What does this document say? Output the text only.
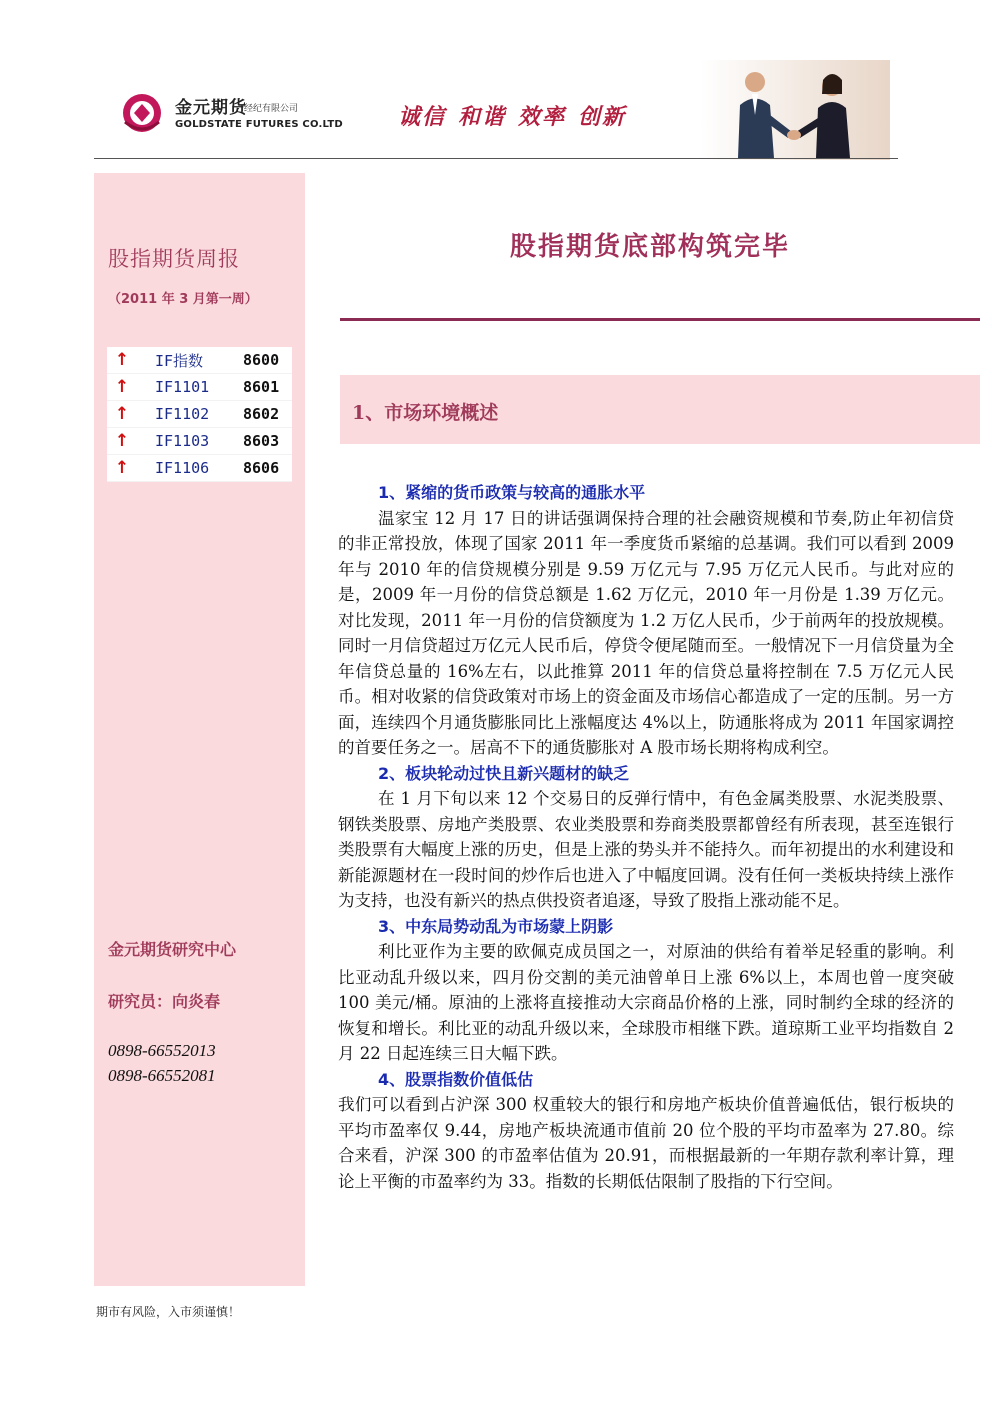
金元期货
经纪有限公司
GOLDSTATE FUTURES CO.LTD	诚信 和谐 效率 创新
股指期货周报
（2011 年 3 月第一周）
↑	IF指数	8600
↑	IF1101	8601
↑	IF1102	8602
↑	IF1103	8603
↑	IF1106	8606
金元期货研究中心
研究员：向炎春
0898-66552013
0898-66552081
期市有风险，入市须谨慎！
股指期货底部构筑完毕
1、市场环境概述
1、紧缩的货币政策与较高的通胀水平

温家宝 12 月 17 日的讲话强调保持合理的社会融资规模和节奏,防止年初信贷的非正常投放，体现了国家 2011 年一季度货币紧缩的总基调。我们可以看到 2009 年与 2010 年的信贷规模分别是 9.59 万亿元与 7.95 万亿元人民币。与此对应的是，2009 年一月份的信贷总额是 1.62 万亿元，2010 年一月份是 1.39 万亿元。对比发现，2011 年一月份的信贷额度为 1.2 万亿人民币，少于前两年的投放规模。同时一月信贷超过万亿元人民币后，停贷令便尾随而至。一般情况下一月信贷量为全年信贷总量的 16%左右，以此推算 2011 年的信贷总量将控制在 7.5 万亿元人民币。相对收紧的信贷政策对市场上的资金面及市场信心都造成了一定的压制。另一方面，连续四个月通货膨胀同比上涨幅度达 4%以上，防通胀将成为 2011 年国家调控的首要任务之一。居高不下的通货膨胀对 A 股市场长期将构成利空。

2、板块轮动过快且新兴题材的缺乏

在 1 月下旬以来 12 个交易日的反弹行情中，有色金属类股票、水泥类股票、钢铁类股票、房地产类股票、农业类股票和券商类股票都曾经有所表现，甚至连银行类股票有大幅度上涨的历史，但是上涨的势头并不能持久。而年初提出的水利建设和新能源题材在一段时间的炒作后也进入了中幅度回调。没有任何一类板块持续上涨作为支持，也没有新兴的热点供投资者追逐，导致了股指上涨动能不足。

3、中东局势动乱为市场蒙上阴影

利比亚作为主要的欧佩克成员国之一，对原油的供给有着举足轻重的影响。利比亚动乱升级以来，四月份交割的美元油曾单日上涨 6%以上，本周也曾一度突破 100 美元/桶。原油的上涨将直接推动大宗商品价格的上涨，同时制约全球的经济的恢复和增长。利比亚的动乱升级以来，全球股市相继下跌。道琼斯工业平均指数自 2 月 22 日起连续三日大幅下跌。

4、股票指数价值低估

我们可以看到占沪深 300 权重较大的银行和房地产板块价值普遍低估，银行板块的平均市盈率仅 9.44，房地产板块流通市值前 20 位个股的平均市盈率为 27.80。综合来看，沪深 300 的市盈率估值为 20.91，而根据最新的一年期存款利率计算，理论上平衡的市盈率约为 33。指数的长期低估限制了股指的下行空间。
